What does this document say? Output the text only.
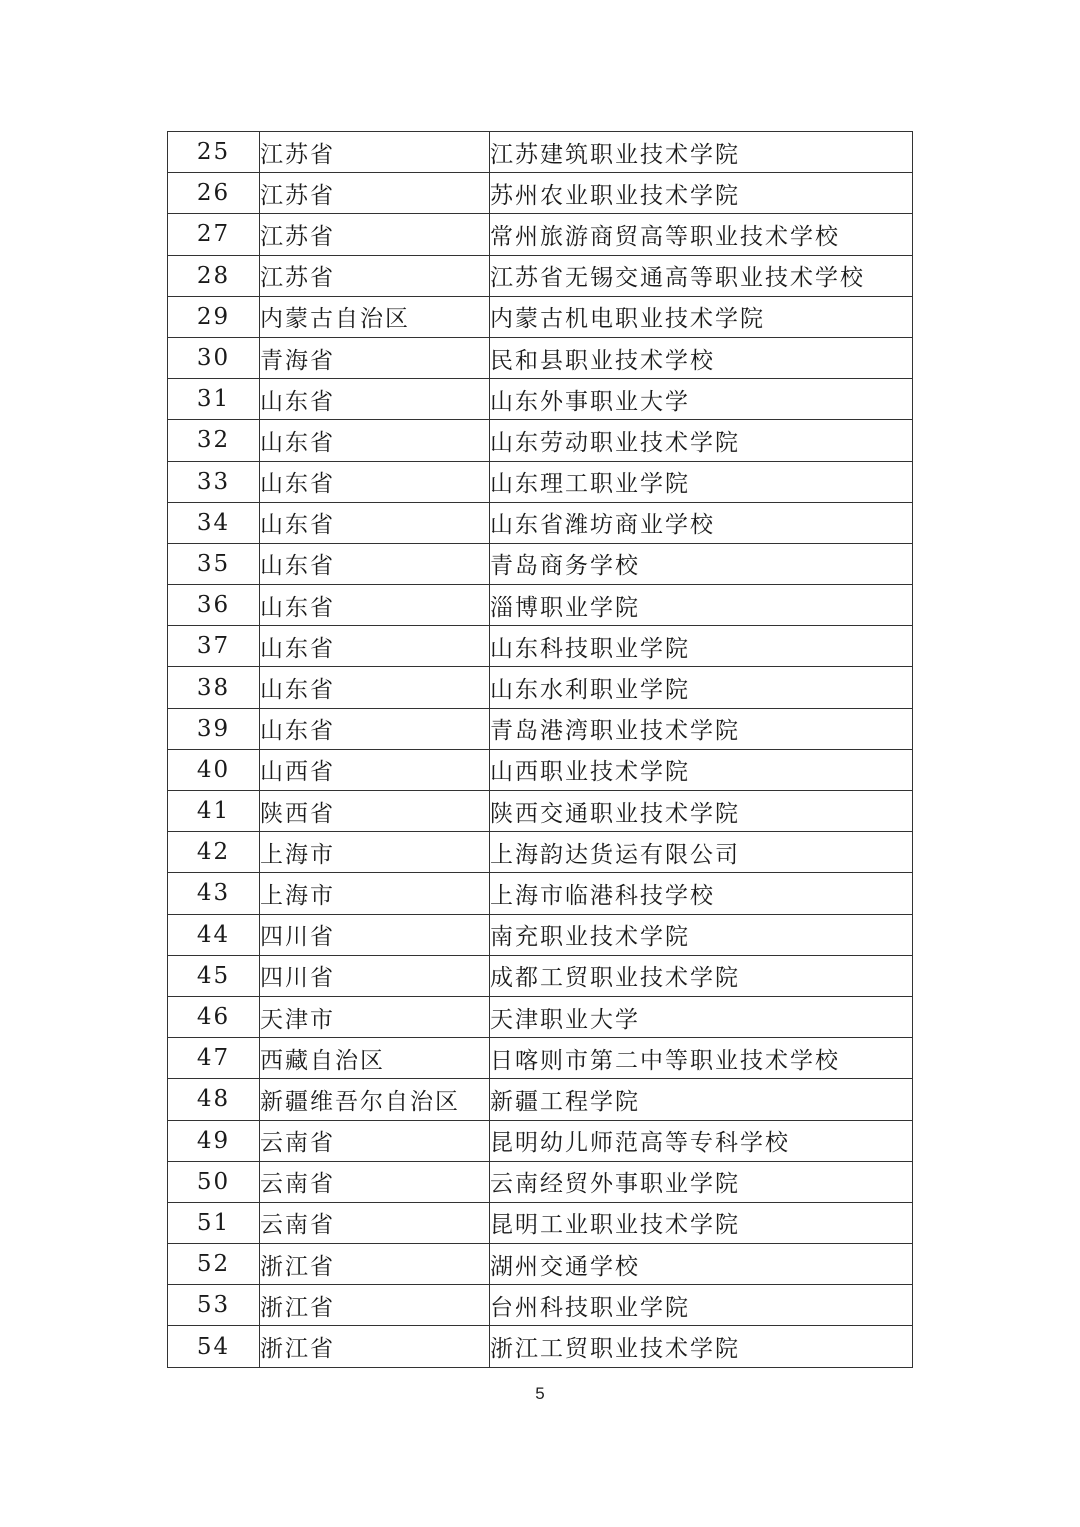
25	江苏省	江苏建筑职业技术学院
26	江苏省	苏州农业职业技术学院
27	江苏省	常州旅游商贸高等职业技术学校
28	江苏省	江苏省无锡交通高等职业技术学校
29	内蒙古自治区	内蒙古机电职业技术学院
30	青海省	民和县职业技术学校
31	山东省	山东外事职业大学
32	山东省	山东劳动职业技术学院
33	山东省	山东理工职业学院
34	山东省	山东省潍坊商业学校
35	山东省	青岛商务学校
36	山东省	淄博职业学院
37	山东省	山东科技职业学院
38	山东省	山东水利职业学院
39	山东省	青岛港湾职业技术学院
40	山西省	山西职业技术学院
41	陕西省	陕西交通职业技术学院
42	上海市	上海韵达货运有限公司
43	上海市	上海市临港科技学校
44	四川省	南充职业技术学院
45	四川省	成都工贸职业技术学院
46	天津市	天津职业大学
47	西藏自治区	日喀则市第二中等职业技术学校
48	新疆维吾尔自治区	新疆工程学院
49	云南省	昆明幼儿师范高等专科学校
50	云南省	云南经贸外事职业学院
51	云南省	昆明工业职业技术学院
52	浙江省	湖州交通学校
53	浙江省	台州科技职业学院
54	浙江省	浙江工贸职业技术学院
5
